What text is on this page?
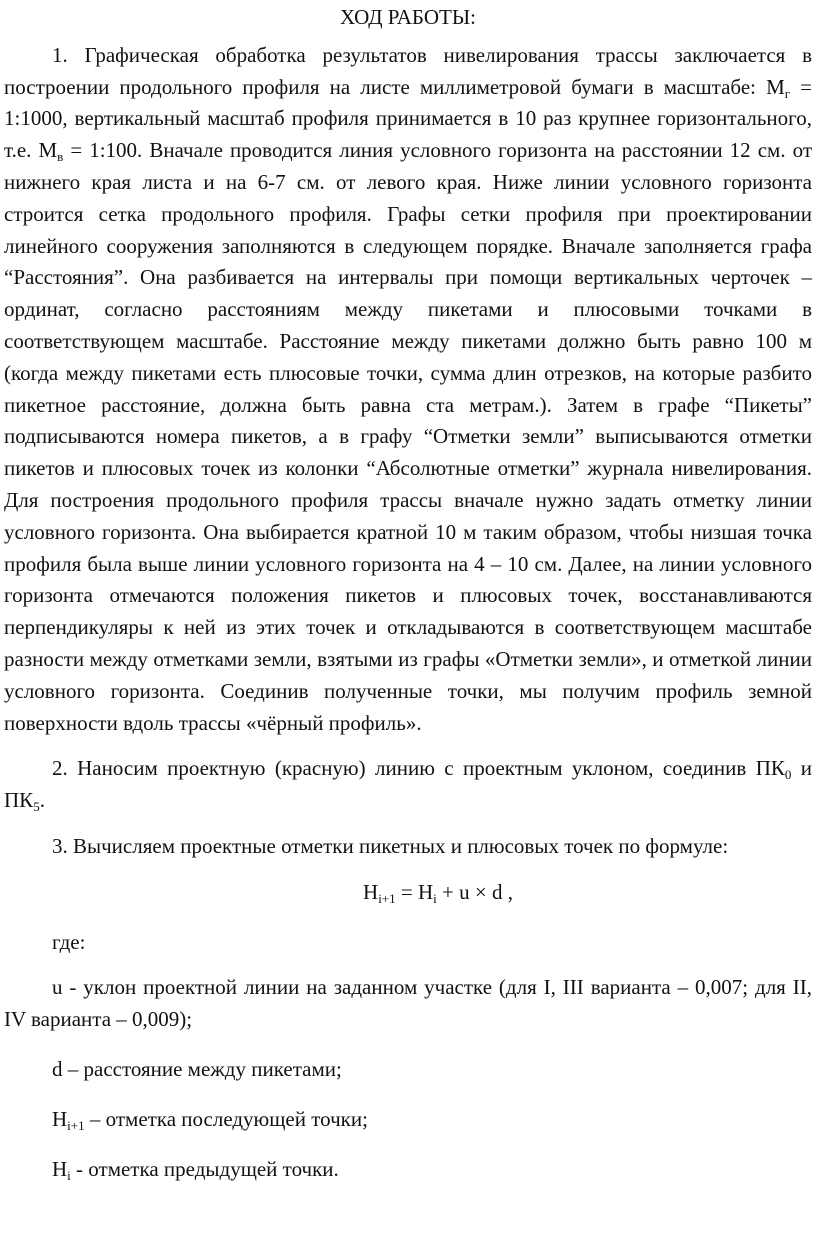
ХОД РАБОТЫ:

1. Графическая обработка результатов нивелирования трассы заключается в построении продольного профиля на листе миллиметровой бумаги в масштабе: $М_г$ = 1:1000, вертикальный масштаб профиля принимается в 10 раз крупнее горизонтального, т.е. $М_в$ = 1:100. Вначале проводится линия условного горизонта на расстоянии 12 см. от нижнего края листа и на 6-7 см. от левого края. Ниже линии условного горизонта строится сетка продольного профиля. Графы сетки профиля при проектировании линейного сооружения заполняются в следующем порядке. Вначале заполняется графа “Расстояния”. Она разбивается на интервалы при помощи вертикальных черточек – ординат, согласно расстояниям между пикетами и плюсовыми точками в соответствующем масштабе. Расстояние между пикетами должно быть равно 100 м (когда между пикетами есть плюсовые точки, сумма длин отрезков, на которые разбито пикетное расстояние, должна быть равна ста метрам.). Затем в графе “Пикеты” подписываются номера пикетов, а в графу “Отметки земли” выписываются отметки пикетов и плюсовых точек из колонки “Абсолютные отметки” журнала нивелирования. Для построения продольного профиля трассы вначале нужно задать отметку линии условного горизонта. Она выбирается кратной 10 м таким образом, чтобы низшая точка профиля была выше линии условного горизонта на 4 – 10 см. Далее, на линии условного горизонта отмечаются положения пикетов и плюсовых точек, восстанавливаются перпендикуляры к ней из этих точек и откладываются в соответствующем масштабе разности между отметками земли, взятыми из графы «Отметки земли», и отметкой линии условного горизонта. Соединив полученные точки, мы получим профиль земной поверхности вдоль трассы «чёрный профиль».

2. Наносим проектную (красную) линию с проектным уклоном, соединив $ПК_0$ и $ПК_5$.

3. Вычисляем проектные отметки пикетных и плюсовых точек по формуле:

$Н_{i+1} = Н_i + u \times d$ ,

где:

u - уклон проектной линии на заданном участке (для I, III варианта – 0,007; для II, IV варианта – 0,009);

d – расстояние между пикетами;

$Н_{i+1}$ – отметка последующей точки;

$Н_i$ - отметка предыдущей точки.
